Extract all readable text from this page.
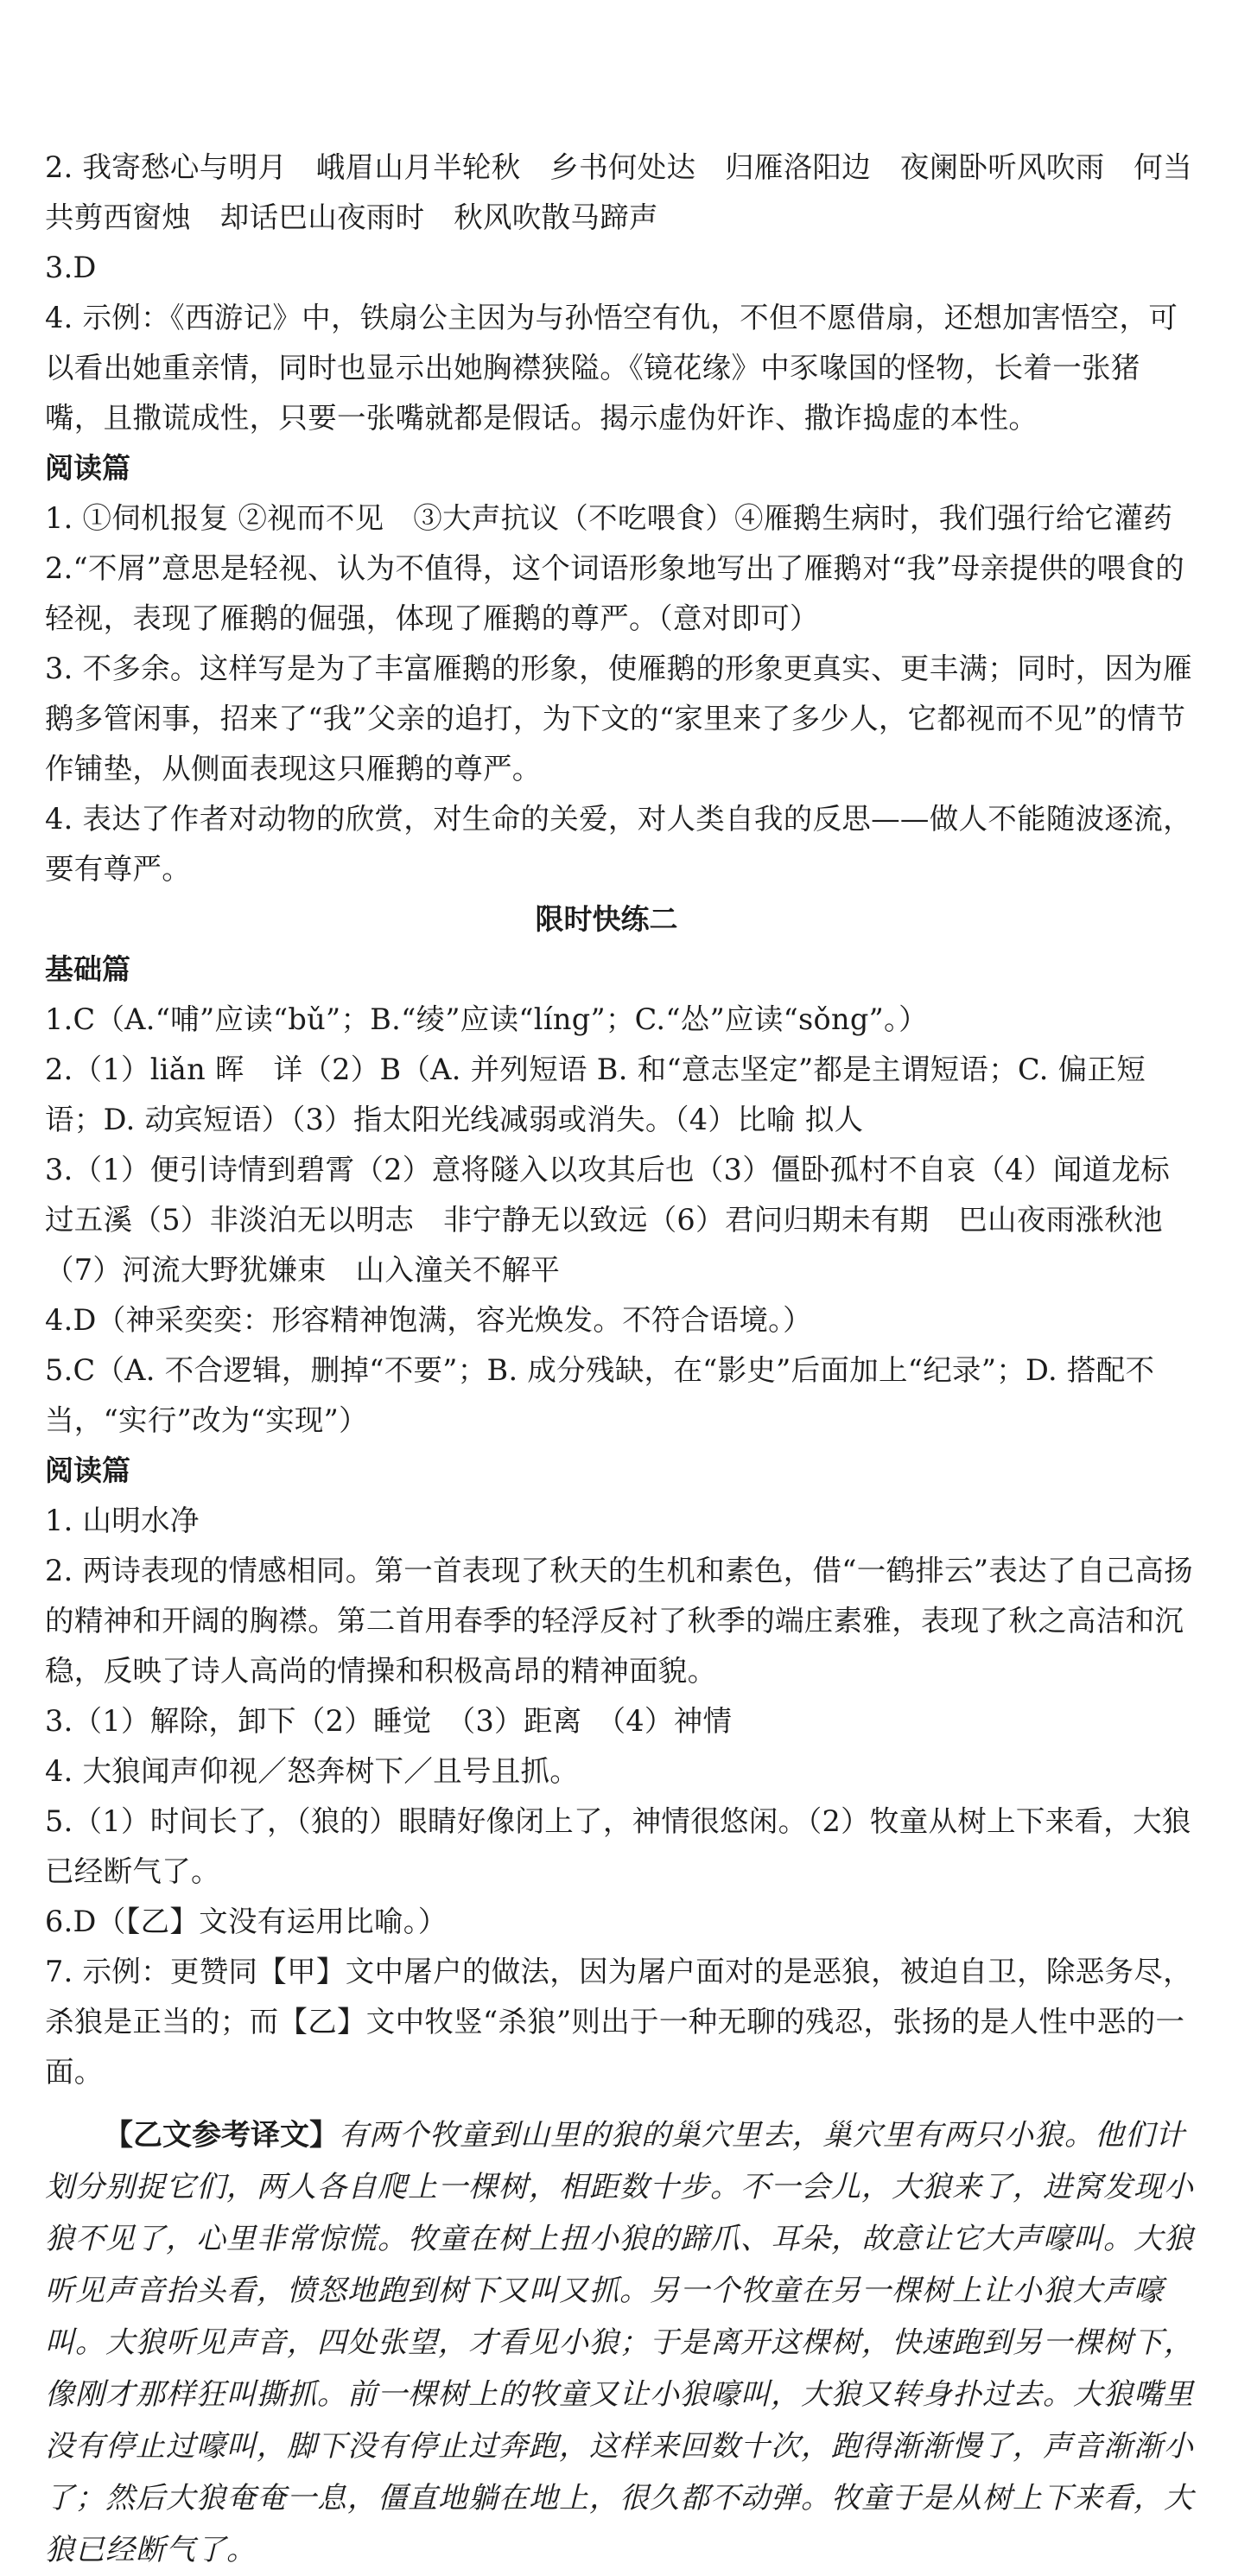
2. 我寄愁心与明月　峨眉山月半轮秋　乡书何处达　归雁洛阳边　夜阑卧听风吹雨　何当共剪西窗烛　却话巴山夜雨时　秋风吹散马蹄声

3.D

4. 示例：《西游记》中，铁扇公主因为与孙悟空有仇，不但不愿借扇，还想加害悟空，可以看出她重亲情，同时也显示出她胸襟狭隘。《镜花缘》中豕喙国的怪物，长着一张猪嘴，且撒谎成性，只要一张嘴就都是假话。揭示虚伪奸诈、撒诈捣虚的本性。

阅读篇

1. ①伺机报复 ②视而不见　③大声抗议（不吃喂食）④雁鹅生病时，我们强行给它灌药

2.“不屑”意思是轻视、认为不值得，这个词语形象地写出了雁鹅对“我”母亲提供的喂食的轻视，表现了雁鹅的倔强，体现了雁鹅的尊严。（意对即可）

3. 不多余。这样写是为了丰富雁鹅的形象，使雁鹅的形象更真实、更丰满；同时，因为雁鹅多管闲事，招来了“我”父亲的追打，为下文的“家里来了多少人，它都视而不见”的情节作铺垫，从侧面表现这只雁鹅的尊严。

4. 表达了作者对动物的欣赏，对生命的关爱，对人类自我的反思——做人不能随波逐流，要有尊严。

限时快练二

基础篇

1.C（A.“哺”应读“bǔ”；B.“绫”应读“líng”；C.“怂”应读“sǒng”。）

2.（1）liǎn 晖　详（2）B（A. 并列短语 B. 和“意志坚定”都是主谓短语；C. 偏正短语；D. 动宾短语）（3）指太阳光线减弱或消失。（4）比喻 拟人

3.（1）便引诗情到碧霄（2）意将隧入以攻其后也（3）僵卧孤村不自哀（4）闻道龙标过五溪（5）非淡泊无以明志　非宁静无以致远（6）君问归期未有期　巴山夜雨涨秋池（7）河流大野犹嫌束　山入潼关不解平

4.D（神采奕奕：形容精神饱满，容光焕发。不符合语境。）

5.C（A. 不合逻辑，删掉“不要”；B. 成分残缺，在“影史”后面加上“纪录”；D. 搭配不当，“实行”改为“实现”）

阅读篇

1. 山明水净

2. 两诗表现的情感相同。第一首表现了秋天的生机和素色，借“一鹤排云”表达了自己高扬的精神和开阔的胸襟。第二首用春季的轻浮反衬了秋季的端庄素雅，表现了秋之高洁和沉稳，反映了诗人高尚的情操和积极高昂的精神面貌。

3.（1）解除，卸下（2）睡觉　（3）距离　（4）神情

4. 大狼闻声仰视／怒奔树下／且号且抓。

5.（1）时间长了，（狼的）眼睛好像闭上了，神情很悠闲。（2）牧童从树上下来看，大狼已经断气了。

6.D（【乙】文没有运用比喻。）

7. 示例：更赞同【甲】文中屠户的做法，因为屠户面对的是恶狼，被迫自卫，除恶务尽，杀狼是正当的；而【乙】文中牧竖“杀狼”则出于一种无聊的残忍，张扬的是人性中恶的一面。

【乙文参考译文】有两个牧童到山里的狼的巢穴里去，巢穴里有两只小狼。他们计划分别捉它们，两人各自爬上一棵树，相距数十步。不一会儿，大狼来了，进窝发现小狼不见了，心里非常惊慌。牧童在树上扭小狼的蹄爪、耳朵，故意让它大声嚎叫。大狼听见声音抬头看，愤怒地跑到树下又叫又抓。另一个牧童在另一棵树上让小狼大声嚎叫。大狼听见声音，四处张望，才看见小狼；于是离开这棵树，快速跑到另一棵树下，像刚才那样狂叫撕抓。前一棵树上的牧童又让小狼嚎叫，大狼又转身扑过去。大狼嘴里没有停止过嚎叫，脚下没有停止过奔跑，这样来回数十次，跑得渐渐慢了，声音渐渐小了；然后大狼奄奄一息，僵直地躺在地上，很久都不动弹。牧童于是从树上下来看，大狼已经断气了。
